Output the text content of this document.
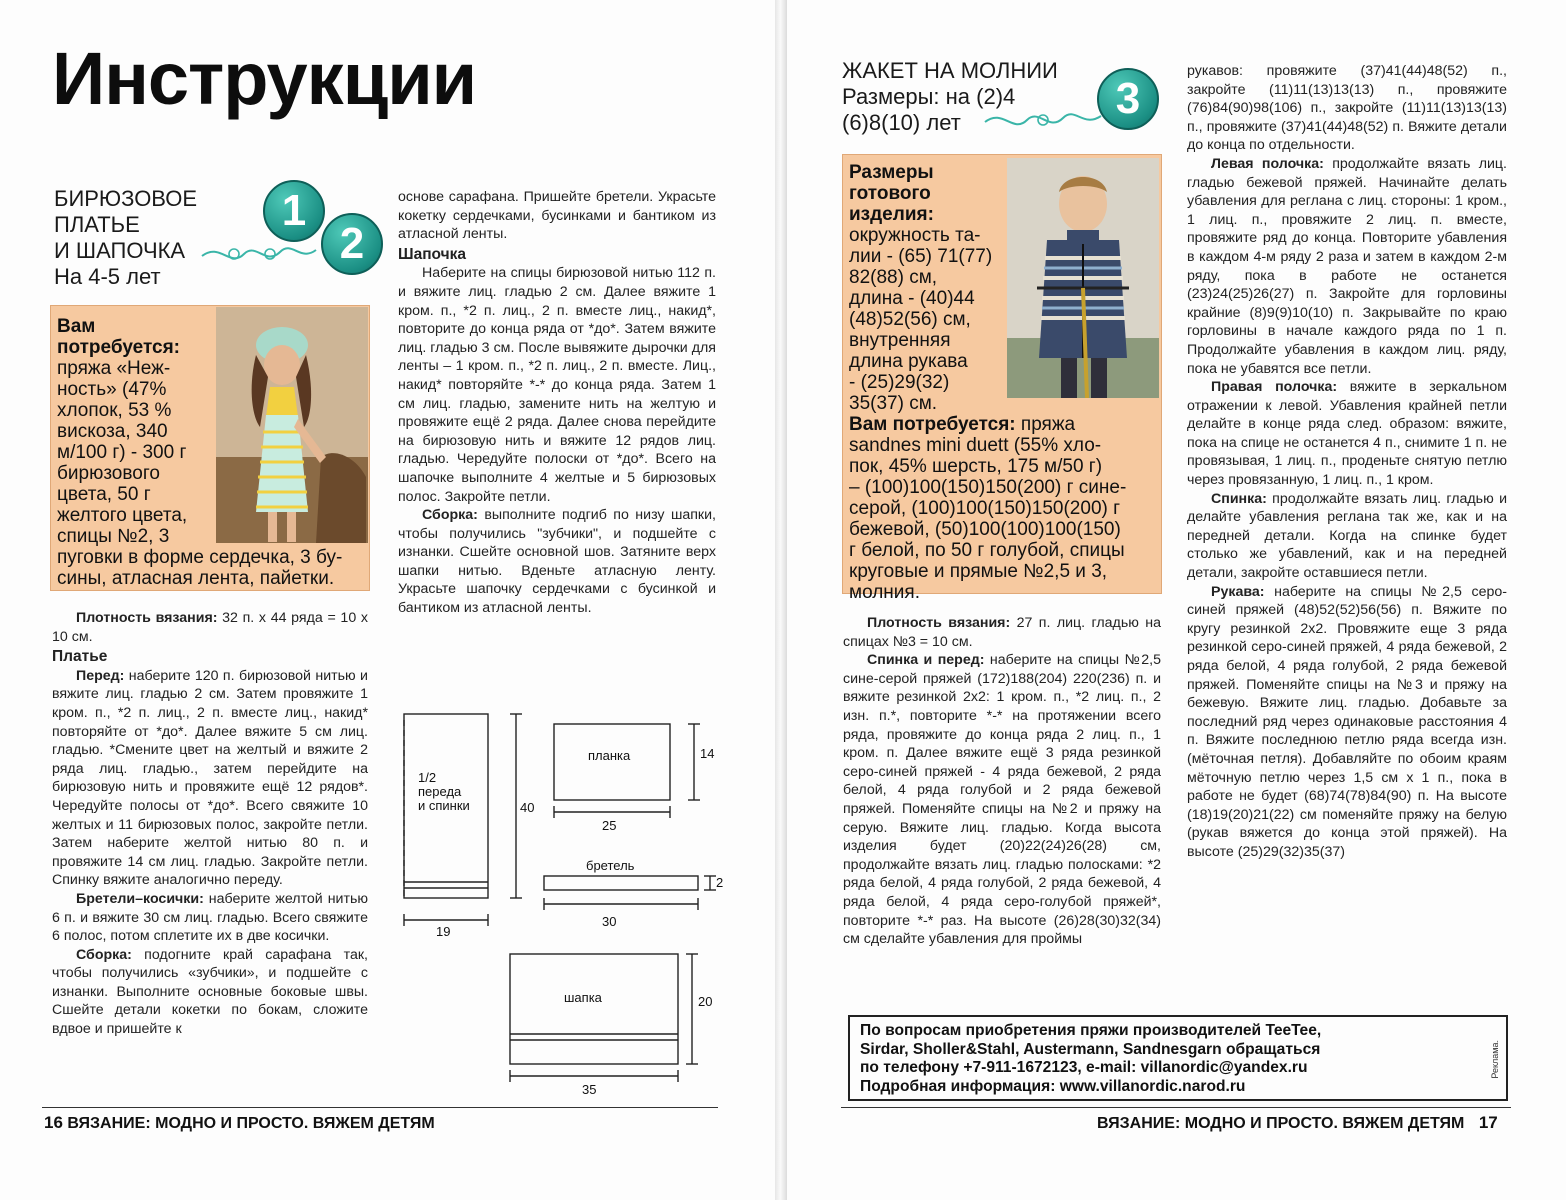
Инструкции
БИРЮЗОВОЕ
ПЛАТЬЕ
И ШАПОЧКА
На 4-5 лет
1
2
Вам потребуется:
пряжа «Неж-
ность» (47%
хлопок, 53 %
вискоза, 340
м/100 г) - 300 г
бирюзового
цвета, 50 г
желтого цвета,
спицы №2, 3
пуговки в форме сердечка, 3 бу-
сины, атласная лента, пайетки.

Плотность вязания: 32 п. х 44 ряда = 10 х 10 см.

Платье

Перед: наберите 120 п. бирюзовой нитью и вяжите лиц. гладью 2 см. Затем провяжите 1 кром. п., *2 п. лиц., 2 п. вместе лиц., накид* повторяйте от *до*. Далее вяжите 5 см лиц. гладью. *Смените цвет на желтый и вяжите 2 ряда лиц. гладью., затем перейдите на бирюзовую нить и провяжите ещё 12 рядов*. Чередуйте полосы от *до*. Всего свяжите 10 желтых и 11 бирюзовых полос, закройте петли. Затем наберите желтой нитью 80 п. и провяжите 14 см лиц. гладью. Закройте петли. Спинку вяжите аналогично переду.

Бретели–косички: наберите желтой нитью 6 п. и вяжите 30 см лиц. гладью. Всего свяжите 6 полос, потом сплетите их в две косички.

Сборка: подогните край сарафана так, чтобы получились «зубчики», и подшейте с изнанки. Выполните основные боковые швы. Сшейте детали кокетки по бокам, сложите вдвое и пришейте к

основе сарафана. Пришейте бретели. Украсьте кокетку сердечками, бусинками и бантиком из атласной ленты.
Шапочка

Наберите на спицы бирюзовой нитью 112 п. и вяжите лиц. гладью 2 см. Далее вяжите 1 кром. п., *2 п. лиц., 2 п. вместе лиц., накид*, повторите до конца ряда от *до*. Затем вяжите лиц. гладью 3 см. После вывяжите дырочки для ленты – 1 кром. п., *2 п. лиц., 2 п. вместе. Лиц., накид* повторяйте *-* до конца ряда. Затем 1 см лиц. гладью, замените нить на желтую и провяжите ещё 2 ряда. Далее снова перейдите на бирюзовую нить и вяжите 12 рядов лиц. гладью. Чередуйте полоски от *до*. Всего на шапочке выполните 4 желтые и 5 бирюзовых полос. Закройте петли.

Сборка: выполните подгиб по низу шапки, чтобы получились "зубчики", и подшейте с изнанки. Сшейте основной шов. Затяните верх шапки нитью. Вденьте атласную ленту. Украсьте шапочку сердечками с бусинкой и бантиком из атласной ленты.

1/2
переда
и спинки	40
19
планка	14
25
бретель
2
30
шапка	20
35
16 ВЯЗАНИЕ: МОДНО И ПРОСТО. ВЯЖЕМ ДЕТЯМ
ЖАКЕТ НА МОЛНИИ
Размеры: на (2)4
(6)8(10) лет	3
Размеры
готового
изделия:
окружность та-
лии - (65) 71(77)
82(88) см,
длина - (40)44
(48)52(56) см,
внутренняя
длина рукава
- (25)29(32)
35(37) см.
Вам потребуется: пряжа
sandnes mini duett (55% хло-
пок, 45% шерсть, 175 м/50 г)
– (100)100(150)150(200) г сине-
серой, (100)100(150)150(200) г
бежевой, (50)100(100)100(150)
г белой, по 50 г голубой, спицы
круговые и прямые №2,5 и 3,
молния.

Плотность вязания: 27 п. лиц. гладью на спицах №3 = 10 см.

Спинка и перед: наберите на спицы №2,5 сине-серой пряжей (172)188(204) 220(236) п. и вяжите резинкой 2х2: 1 кром. п., *2 лиц. п., 2 изн. п.*, повторите *-* на протяжении всего ряда, провяжите до конца ряда 2 лиц. п., 1 кром. п. Далее вяжите ещё 3 ряда резинкой серо-синей пряжей - 4 ряда бежевой, 2 ряда белой, 4 ряда голубой и 2 ряда бежевой пряжей. Поменяйте спицы на №2 и пряжу на серую. Вяжите лиц. гладью. Когда высота изделия будет (20)22(24)26(28) см, продолжайте вязать лиц. гладью полосками: *2 ряда белой, 4 ряда голубой, 2 ряда бежевой, 4 ряда белой, 4 ряда серо-голубой пряжей*, повторите *-* раз. На высоте (26)28(30)32(34) см сделайте убавления для проймы

рукавов: провяжите (37)41(44)48(52) п., закройте (11)11(13)13(13) п., провяжите (76)84(90)98(106) п., закройте (11)11(13)13(13) п., провяжите (37)41(44)48(52) п. Вяжите детали до конца по отдельности.

Левая полочка: продолжайте вязать лиц. гладью бежевой пряжей. Начинайте делать убавления для реглана с лиц. стороны: 1 кром., 1 лиц. п., провяжите 2 лиц. п. вместе, провяжите ряд до конца. Повторите убавления в каждом 4-м ряду 2 раза и затем в каждом 2-м ряду, пока в работе не останется (23)24(25)26(27) п. Закройте для горловины крайние (8)9(9)10(10) п. Закрывайте по краю горловины в начале каждого ряда по 1 п. Продолжайте убавления в каждом лиц. ряду, пока не убавятся все петли.

Правая полочка: вяжите в зеркальном отражении к левой. Убавления крайней петли делайте в конце ряда след. образом: вяжите, пока на спице не останется 4 п., снимите 1 п. не провязывая, 1 лиц. п., проденьте снятую петлю через провязанную, 1 лиц. п., 1 кром.

Спинка: продолжайте вязать лиц. гладью и делайте убавления реглана так же, как и на передней детали. Когда на спинке будет столько же убавлений, как и на передней детали, закройте оставшиеся петли.

Рукава: наберите на спицы №2,5 серо-синей пряжей (48)52(52)56(56) п. Вяжите по кругу резинкой 2х2. Провяжите еще 3 ряда резинкой серо-синей пряжей, 4 ряда бежевой, 2 ряда белой, 4 ряда голубой, 2 ряда бежевой пряжей. Поменяйте спицы на №3 и пряжу на бежевую. Вяжите лиц. гладью. Добавьте за последний ряд через одинаковые расстояния 4 п. Вяжите последнюю петлю ряда всегда изн. (мёточная петля). Добавляйте по обоим краям мёточную петлю через 1,5 см х 1 п., пока в работе не будет (68)74(78)84(90) п. На высоте (18)19(20)21(22) см поменяйте пряжу на белую (рукав вяжется до конца этой пряжей). На высоте (25)29(32)35(37)

ВЯЗАНИЕ: МОДНО И ПРОСТО. ВЯЖЕМ ДЕТЯМ 17
По вопросам приобретения пряжи производителей TeeTee,
Sirdar, Sholler&Stahl, Austermann, Sandnesgarn обращаться
по телефону +7-911-1672123, e-mail: villanordic@yandex.ru
Подробная информация: www.villanordic.narod.ru
Реклама.
